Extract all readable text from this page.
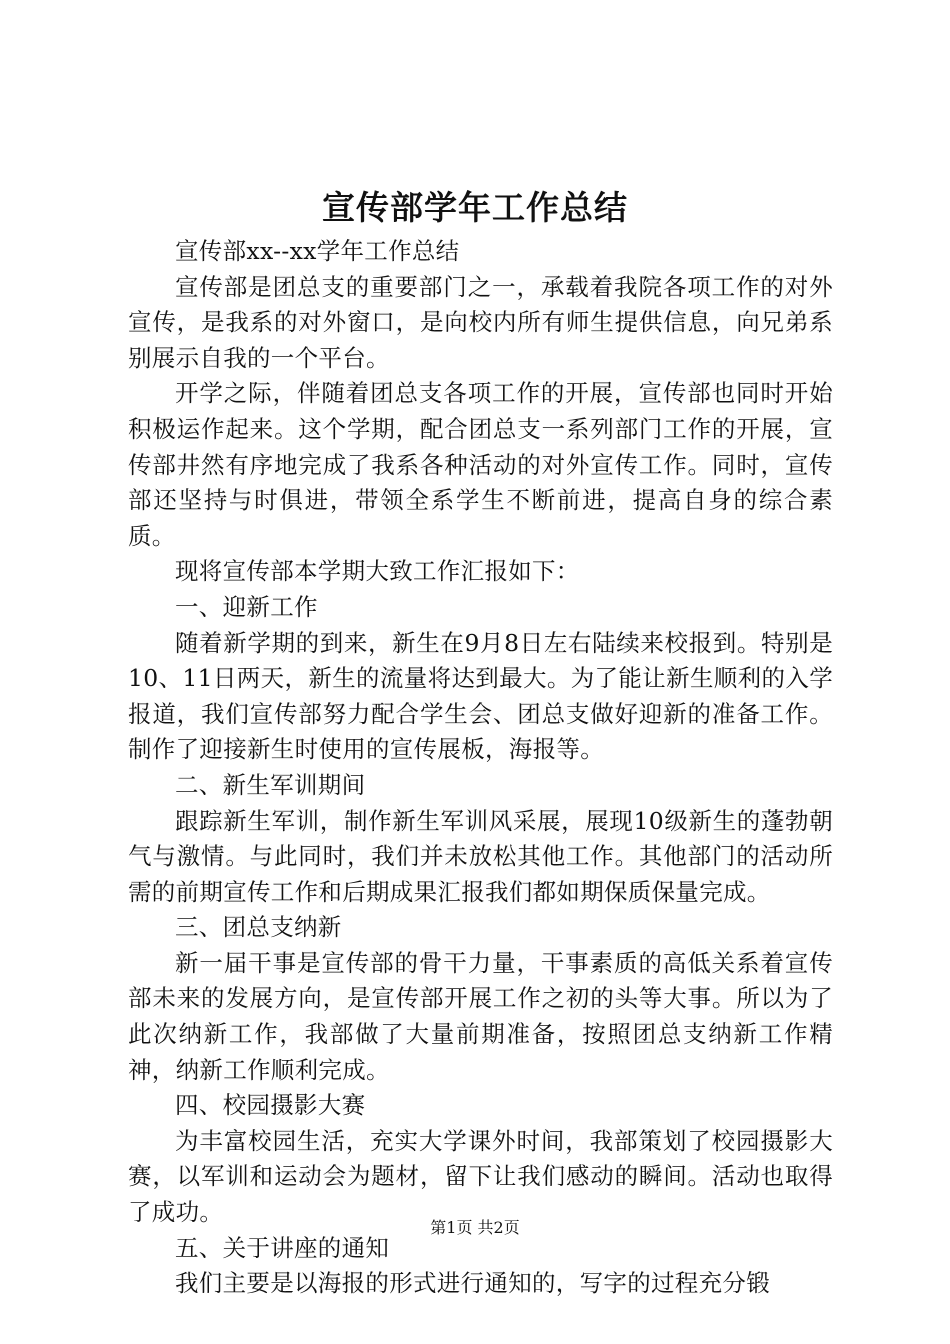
宣传部学年工作总结

宣传部xx--xx学年工作总结

宣传部是团总支的重要部门之一，承载着我院各项工作的对外宣传，是我系的对外窗口，是向校内所有师生提供信息，向兄弟系别展示自我的一个平台。

开学之际，伴随着团总支各项工作的开展，宣传部也同时开始积极运作起来。这个学期，配合团总支一系列部门工作的开展，宣传部井然有序地完成了我系各种活动的对外宣传工作。同时，宣传部还坚持与时俱进，带领全系学生不断前进，提高自身的综合素质。

现将宣传部本学期大致工作汇报如下：

一、迎新工作

随着新学期的到来，新生在9月8日左右陆续来校报到。特别是10、11日两天，新生的流量将达到最大。为了能让新生顺利的入学报道，我们宣传部努力配合学生会、团总支做好迎新的准备工作。制作了迎接新生时使用的宣传展板，海报等。

二、新生军训期间

跟踪新生军训，制作新生军训风采展，展现10级新生的蓬勃朝气与激情。与此同时，我们并未放松其他工作。其他部门的活动所需的前期宣传工作和后期成果汇报我们都如期保质保量完成。

三、团总支纳新

新一届干事是宣传部的骨干力量，干事素质的高低关系着宣传部未来的发展方向，是宣传部开展工作之初的头等大事。所以为了此次纳新工作，我部做了大量前期准备，按照团总支纳新工作精神，纳新工作顺利完成。

四、校园摄影大赛

为丰富校园生活，充实大学课外时间，我部策划了校园摄影大赛，以军训和运动会为题材，留下让我们感动的瞬间。活动也取得了成功。

五、关于讲座的通知

我们主要是以海报的形式进行通知的，写字的过程充分锻

第1页 共2页
